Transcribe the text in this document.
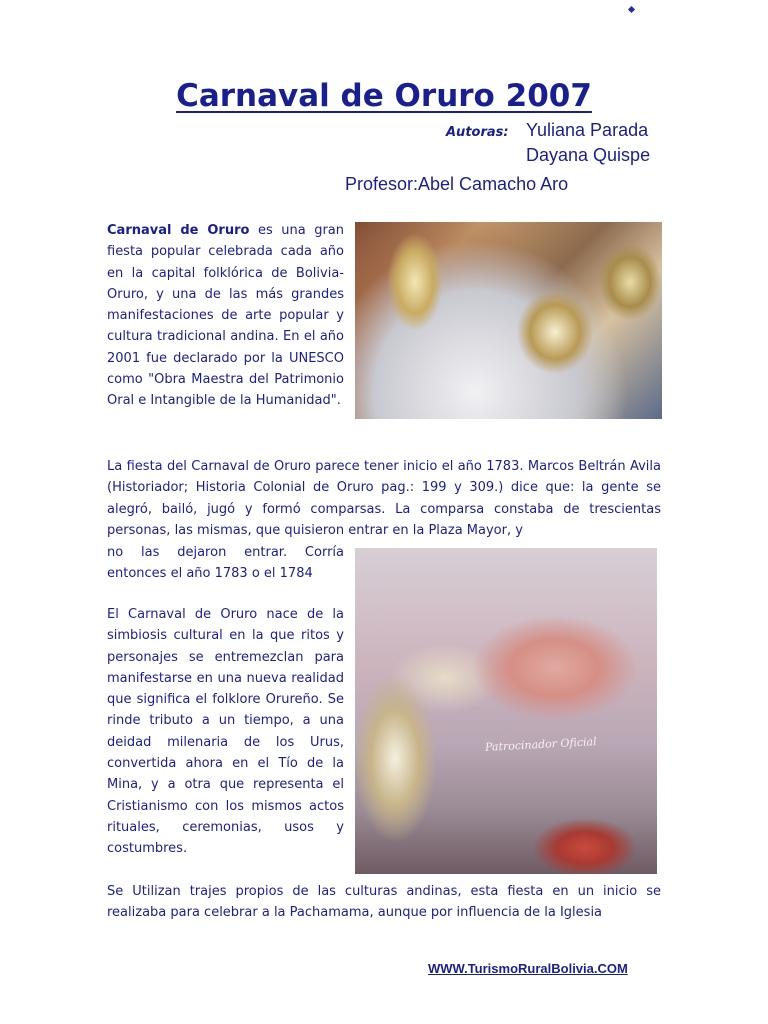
Carnaval de Oruro 2007
Autoras: Yuliana Parada
Dayana Quispe
Profesor:Abel Camacho Aro

Carnaval de Oruro es una gran fiesta popular celebrada cada año en la capital folklórica de Bolivia-Oruro, y una de las más grandes manifestaciones de arte popular y cultura tradicional andina. En el año 2001 fue declarado por la UNESCO como "Obra Maestra del Patrimonio Oral e Intangible de la Humanidad".

La fiesta del Carnaval de Oruro parece tener inicio el año 1783. Marcos Beltrán Avila (Historiador; Historia Colonial de Oruro pag.: 199 y 309.) dice que: la gente se alegró, bailó, jugó y formó comparsas. La comparsa constaba de trescientas personas, las mismas, que quisieron entrar en la Plaza Mayor, y

no las dejaron entrar. Corría entonces el año 1783 o el 1784

El Carnaval de Oruro nace de la simbiosis cultural en la que ritos y personajes se entremezclan para manifestarse en una nueva realidad que significa el folklore Orureño. Se rinde tributo a un tiempo, a una deidad milenaria de los Urus, convertida ahora en el Tío de la Mina, y a otra que representa el Cristianismo con los mismos actos rituales, ceremonias, usos y costumbres.

Patrocinador Oficial

Se Utilizan trajes propios de las culturas andinas, esta fiesta en un inicio se realizaba para celebrar a la Pachamama, aunque por influencia de la Iglesia

WWW.TurismoRuralBolivia.COM
